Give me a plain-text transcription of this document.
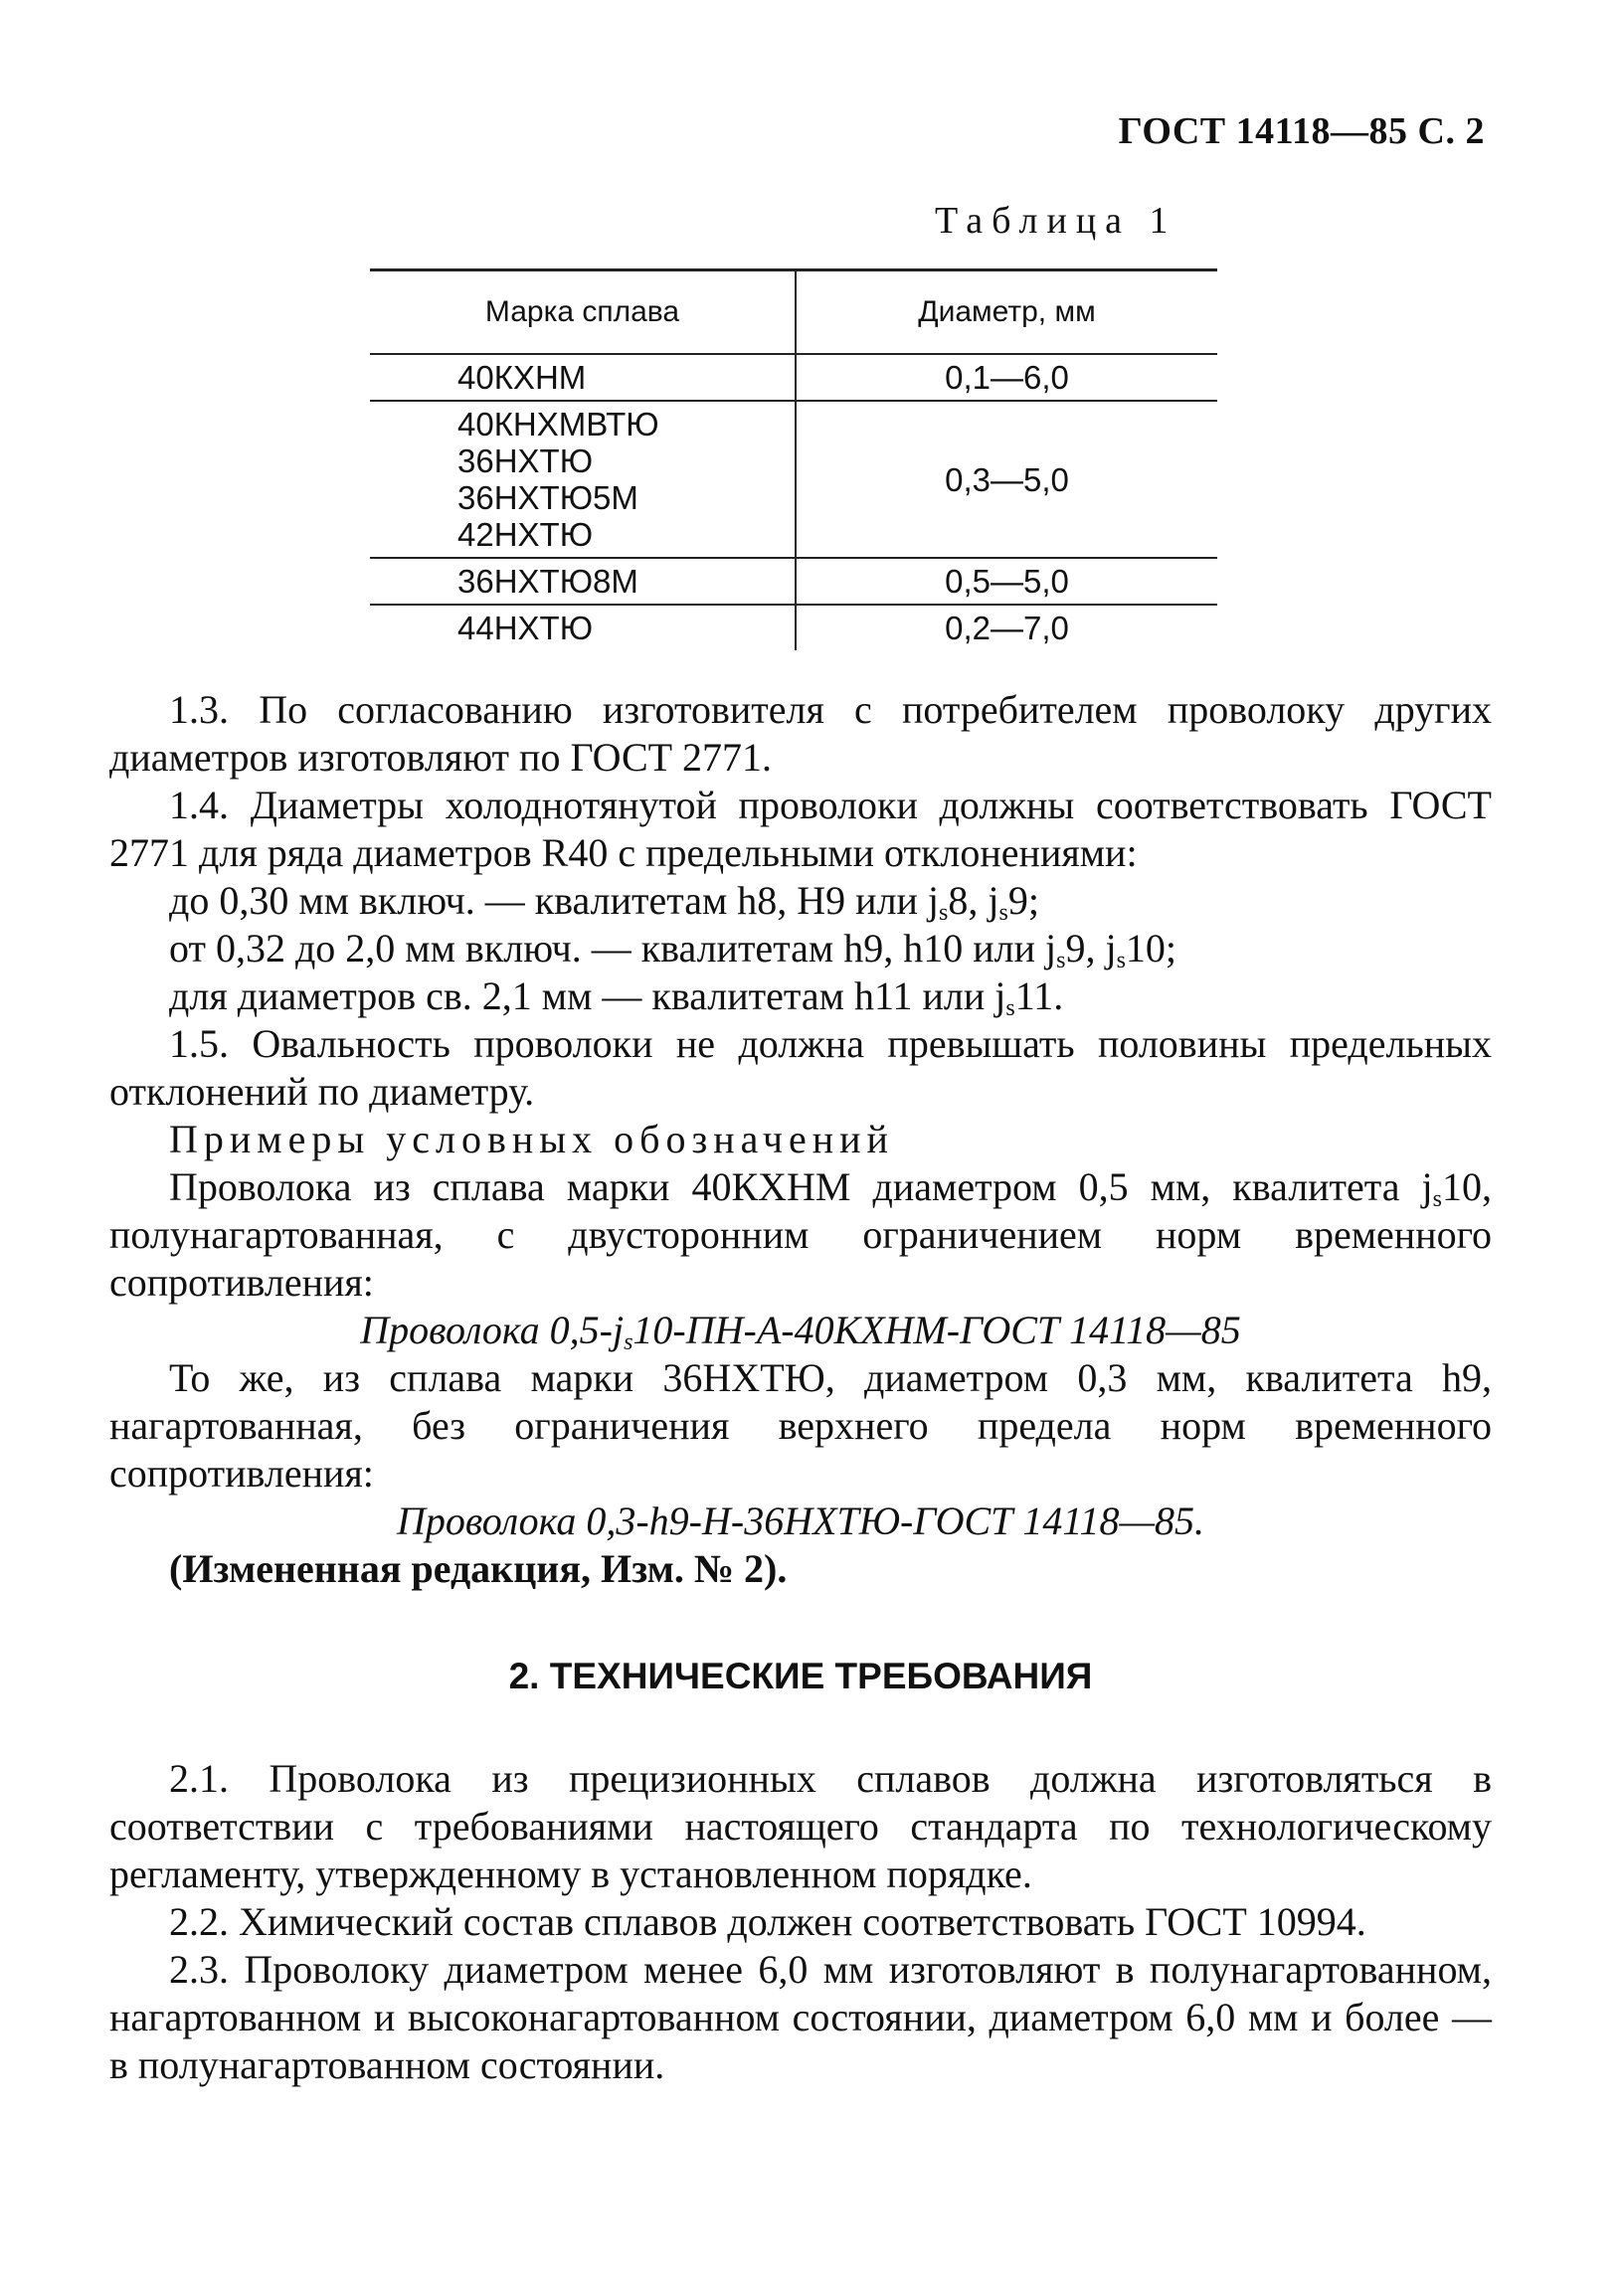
ГОСТ 14118—85 С. 2
Таблица 1
Марка сплава	Диаметр, мм

40КХНМ	0,1—6,0

40КНХМВТЮ
36НХТЮ
36НХТЮ5М
42НХТЮ	0,3—5,0

36НХТЮ8М	0,5—5,0

44НХТЮ	0,2—7,0

1.3. По согласованию изготовителя с потребителем проволоку других диаметров изготовляют по ГОСТ 2771.

1.4. Диаметры холоднотянутой проволоки должны соответствовать ГОСТ 2771 для ряда диаметров R40 с предельными отклонениями:

до 0,30 мм включ. — квалитетам h8, H9 или $j_s8$, $j_s9$;

от 0,32 до 2,0 мм включ. — квалитетам h9, h10 или $j_s9$, $j_s10$;

для диаметров св. 2,1 мм — квалитетам h11 или $j_s11$.

1.5. Овальность проволоки не должна превышать половины предельных отклонений по диаметру.

Примеры условных обозначений

Проволока из сплава марки 40КХНМ диаметром 0,5 мм, квалитета $j_s10$, полунагартованная, с двусторонним ограничением норм временного сопротивления:

Проволока $0,5-j_s10-ПН-А-40КХНМ$-ГОСТ 14118—85

То же, из сплава марки 36НХТЮ, диаметром 0,3 мм, квалитета h9, нагартованная, без ограничения верхнего предела норм временного сопротивления:

Проволока 0,3-h9-Н-36НХТЮ-ГОСТ 14118—85.

(Измененная редакция, Изм. № 2).

2. ТЕХНИЧЕСКИЕ ТРЕБОВАНИЯ

2.1. Проволока из прецизионных сплавов должна изготовляться в соответствии с требованиями настоящего стандарта по технологическому регламенту, утвержденному в установленном порядке.

2.2. Химический состав сплавов должен соответствовать ГОСТ 10994.

2.3. Проволоку диаметром менее 6,0 мм изготовляют в полунагартованном, нагартованном и высоконагартованном состоянии, диаметром 6,0 мм и более — в полунагартованном состоянии.
